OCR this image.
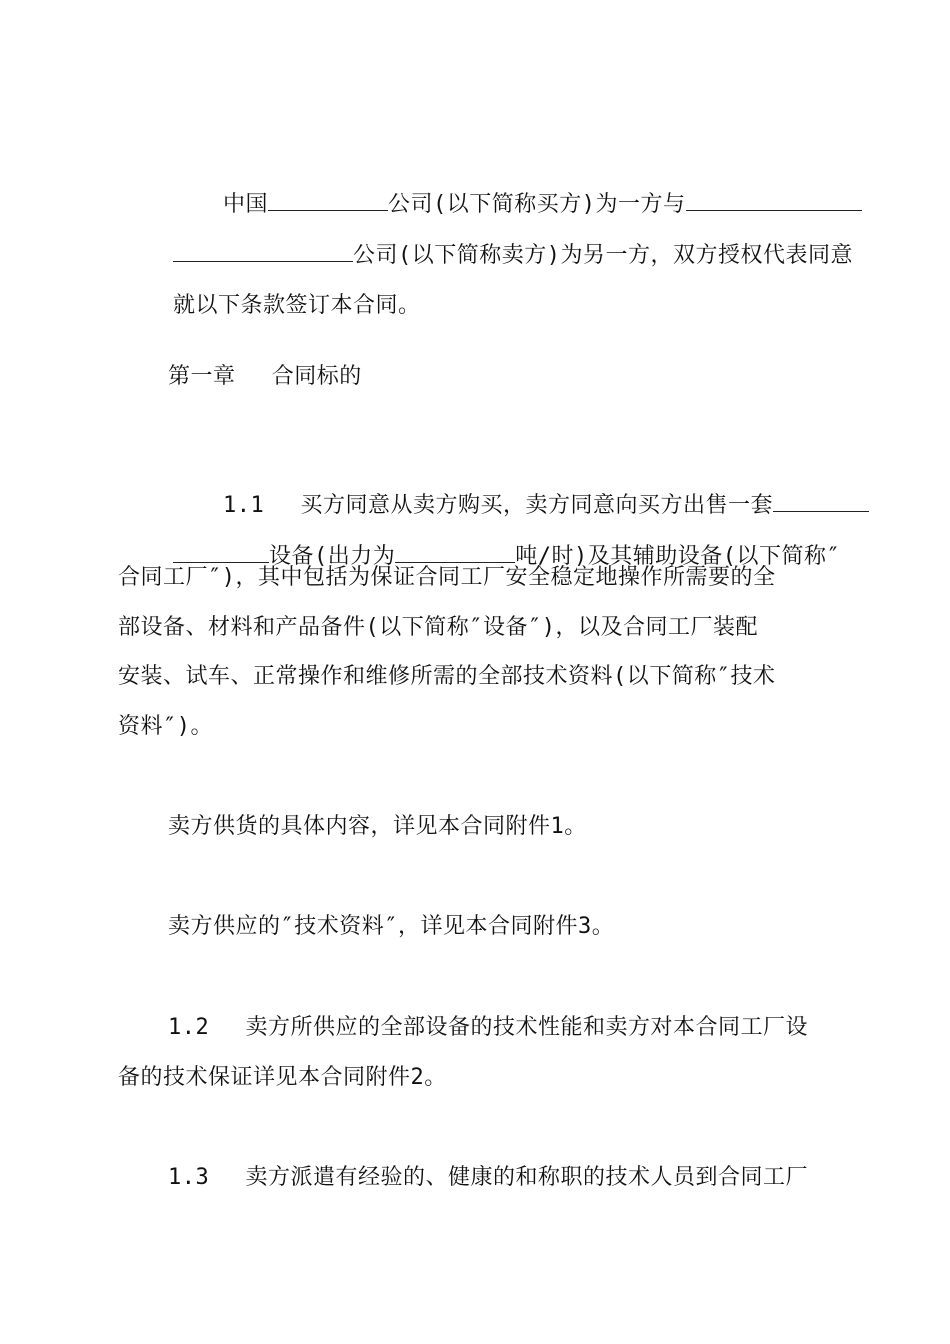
中国	公司(以下简称买方)为一方与

公司(以下简称卖方)为另一方，双方授权代表同意

就以下条款签订本合同。

第一章　 合同标的

1.1　 买方同意从卖方购买，卖方同意向买方出售一套

设备(出力为	吨/时)及其辅助设备(以下简称″

合同工厂″)，其中包括为保证合同工厂安全稳定地操作所需要的全
部设备、材料和产品备件(以下简称″设备″)，以及合同工厂装配
安装、试车、正常操作和维修所需的全部技术资料(以下简称″技术
资料″)。
卖方供货的具体内容，详见本合同附件1。
卖方供应的″技术资料″，详见本合同附件3。
1.2　 卖方所供应的全部设备的技术性能和卖方对本合同工厂设
备的技术保证详见本合同附件2。
1.3　 卖方派遣有经验的、健康的和称职的技术人员到合同工厂
